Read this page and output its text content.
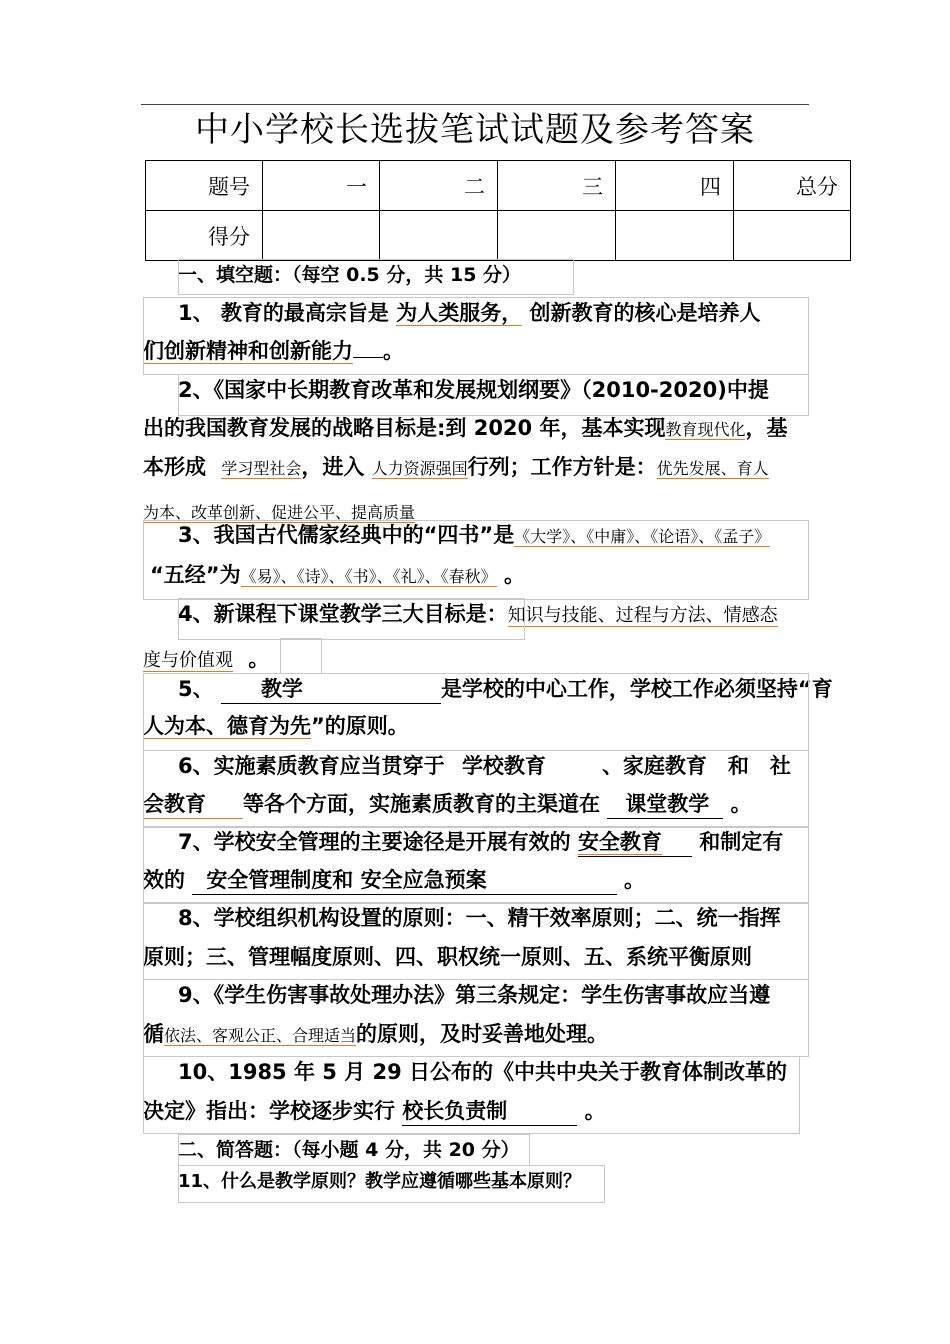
中小学校长选拔笔试试题及参考答案
题号	一	二	三	四	总分
得分					
一、填空题：（每空 0.5 分，共 15 分）
1、 教育的最高宗旨是 为人类服务， 创新教育的核心是培养人
们创新精神和创新能力 。
2、《国家中长期教育改革和发展规划纲要》（2010-2020)中提
出的我国教育发展的战略目标是:到 2020 年，基本实现教育现代化，基
本形成 学习型社会，进入 人力资源强国行列；工作方针是：优先发展、育人
为本、改革创新、促进公平、提高质量
3、我国古代儒家经典中的“四书”是《大学》、《中庸》、《论语》、《孟子》
“五经”为《易》、《诗》、《书》、《礼》、《春秋》 。
4、新课程下课堂教学三大目标是：知识与技能、过程与方法、情感态
度与价值观 。
5、 教学	是学校的中心工作，学校工作必须坚持“育
人为本、德育为先”的原则。
6、实施素质教育应当贯穿于 学校教育	、家庭教育　和　社
会教育 等各个方面，实施素质教育的主渠道在 课堂教学 。
7、学校安全管理的主要途径是开展有效的 安全教育 和制定有
效的 安全管理制度和 安全应急预案	。
8、学校组织机构设置的原则：一、精干效率原则；二、统一指挥
原则；三、管理幅度原则、四、职权统一原则、五、系统平衡原则
9、《学生伤害事故处理办法》第三条规定：学生伤害事故应当遵
循依法、客观公正、合理适当的原则，及时妥善地处理。
10、1985 年 5 月 29 日公布的《中共中央关于教育体制改革的
决定》指出：学校逐步实行 校长负责制	。
二、简答题：（每小题 4 分，共 20 分）
11、什么是教学原则？教学应遵循哪些基本原则？
